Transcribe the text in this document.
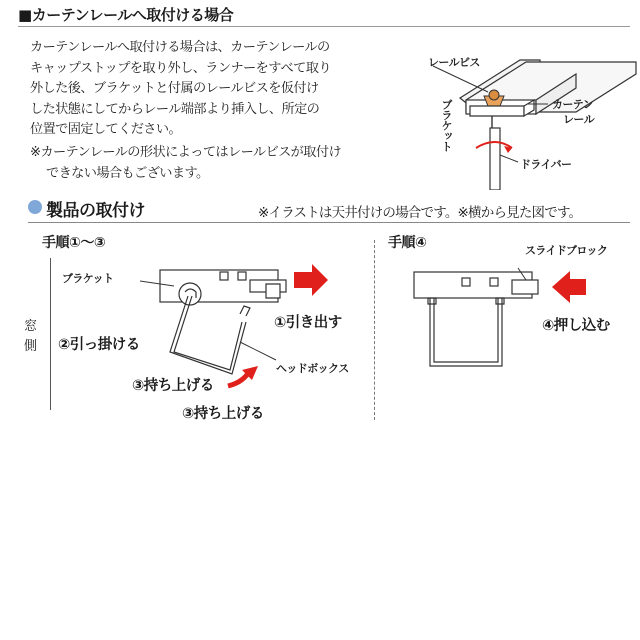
■カーテンレールへ取付ける場合
カーテンレールへ取付ける場合は、カーテンレールの
キャップストップを取り外し、ランナーをすべて取り
外した後、ブラケットと付属のレールビスを仮付け
した状態にしてからレール端部より挿入し、所定の
位置で固定してください。
※カーテンレールの形状によってはレールビスが取付け
できない場合もございます。
レールビス
カーテン
レール
ブラケット
ドライバー
製品の取付け	※イラストは天井付けの場合です。※横から見た図です。
手順①～③
窓
側
ブラケット
①引き出す
②引っ掛ける
ヘッドボックス
③持ち上げる
③持ち上げる
手順④	スライドブロック
④押し込む
